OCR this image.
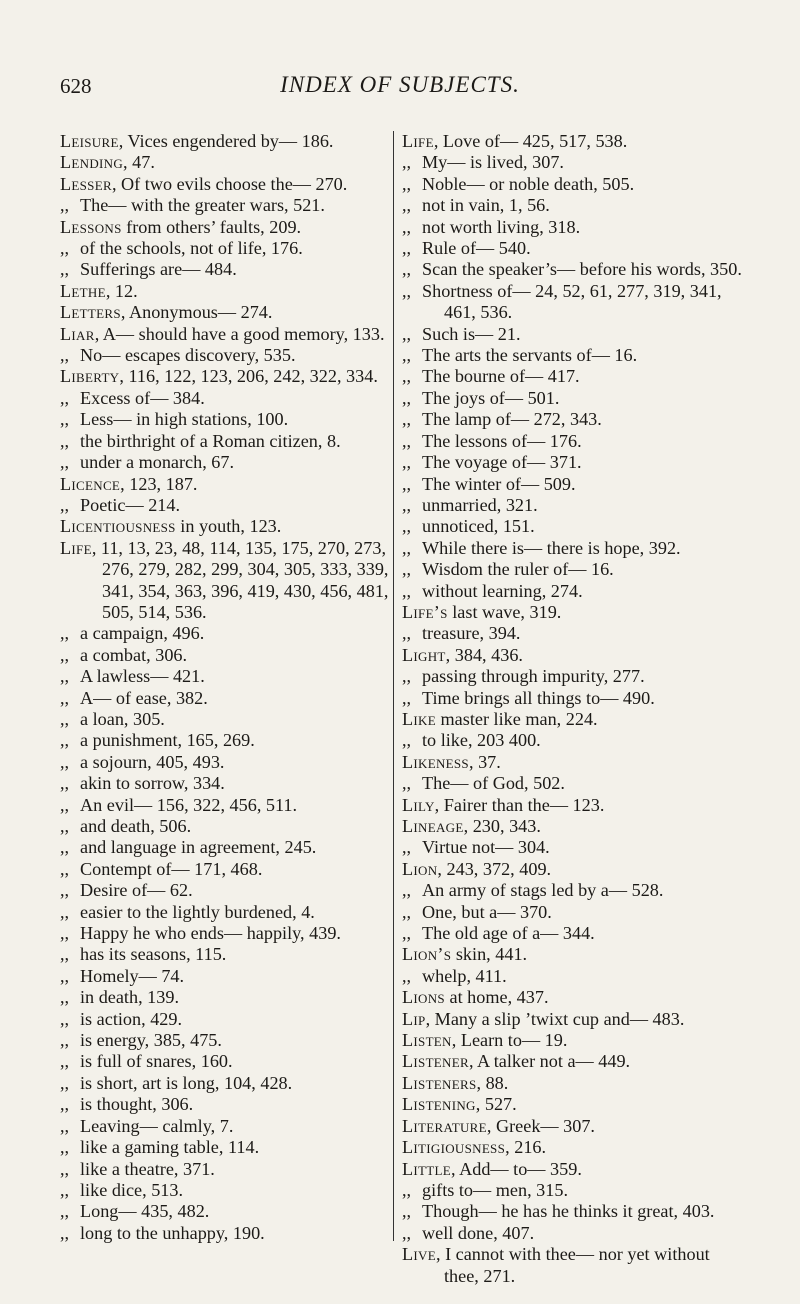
628	INDEX OF SUBJECTS.

Leisure, Vices engendered by— 186.

Lending, 47.

Lesser, Of two evils choose the— 270.

,, The— with the greater wars, 521.

Lessons from others’ faults, 209.

,, of the schools, not of life, 176.

,, Sufferings are— 484.

Lethe, 12.

Letters, Anonymous— 274.

Liar, A— should have a good memory, 133.

,, No— escapes discovery, 535.

Liberty, 116, 122, 123, 206, 242, 322, 334.

,, Excess of— 384.

,, Less— in high stations, 100.

,, the birthright of a Roman citizen, 8.

,, under a monarch, 67.

Licence, 123, 187.

,, Poetic— 214.

Licentiousness in youth, 123.

Life, 11, 13, 23, 48, 114, 135, 175, 270, 273, 276, 279, 282, 299, 304, 305, 333, 339, 341, 354, 363, 396, 419, 430, 456, 481, 505, 514, 536.

,, a campaign, 496.

,, a combat, 306.

,, A lawless— 421.

,, A— of ease, 382.

,, a loan, 305.

,, a punishment, 165, 269.

,, a sojourn, 405, 493.

,, akin to sorrow, 334.

,, An evil— 156, 322, 456, 511.

,, and death, 506.

,, and language in agreement, 245.

,, Contempt of— 171, 468.

,, Desire of— 62.

,, easier to the lightly burdened, 4.

,, Happy he who ends— happily, 439.

,, has its seasons, 115.

,, Homely— 74.

,, in death, 139.

,, is action, 429.

,, is energy, 385, 475.

,, is full of snares, 160.

,, is short, art is long, 104, 428.

,, is thought, 306.

,, Leaving— calmly, 7.

,, like a gaming table, 114.

,, like a theatre, 371.

,, like dice, 513.

,, Long— 435, 482.

,, long to the unhappy, 190.

Life, Love of— 425, 517, 538.

,, My— is lived, 307.

,, Noble— or noble death, 505.

,, not in vain, 1, 56.

,, not worth living, 318.

,, Rule of— 540.

,, Scan the speaker’s— before his words, 350.

,, Shortness of— 24, 52, 61, 277, 319, 341, 461, 536.

,, Such is— 21.

,, The arts the servants of— 16.

,, The bourne of— 417.

,, The joys of— 501.

,, The lamp of— 272, 343.

,, The lessons of— 176.

,, The voyage of— 371.

,, The winter of— 509.

,, unmarried, 321.

,, unnoticed, 151.

,, While there is— there is hope, 392.

,, Wisdom the ruler of— 16.

,, without learning, 274.

Life’s last wave, 319.

,, treasure, 394.

Light, 384, 436.

,, passing through impurity, 277.

,, Time brings all things to— 490.

Like master like man, 224.

,, to like, 203 400.

Likeness, 37.

,, The— of God, 502.

Lily, Fairer than the— 123.

Lineage, 230, 343.

,, Virtue not— 304.

Lion, 243, 372, 409.

,, An army of stags led by a— 528.

,, One, but a— 370.

,, The old age of a— 344.

Lion’s skin, 441.

,, whelp, 411.

Lions at home, 437.

Lip, Many a slip ’twixt cup and— 483.

Listen, Learn to— 19.

Listener, A talker not a— 449.

Listeners, 88.

Listening, 527.

Literature, Greek— 307.

Litigiousness, 216.

Little, Add— to— 359.

,, gifts to— men, 315.

,, Though— he has he thinks it great, 403.

,, well done, 407.

Live, I cannot with thee— nor yet without thee, 271.
